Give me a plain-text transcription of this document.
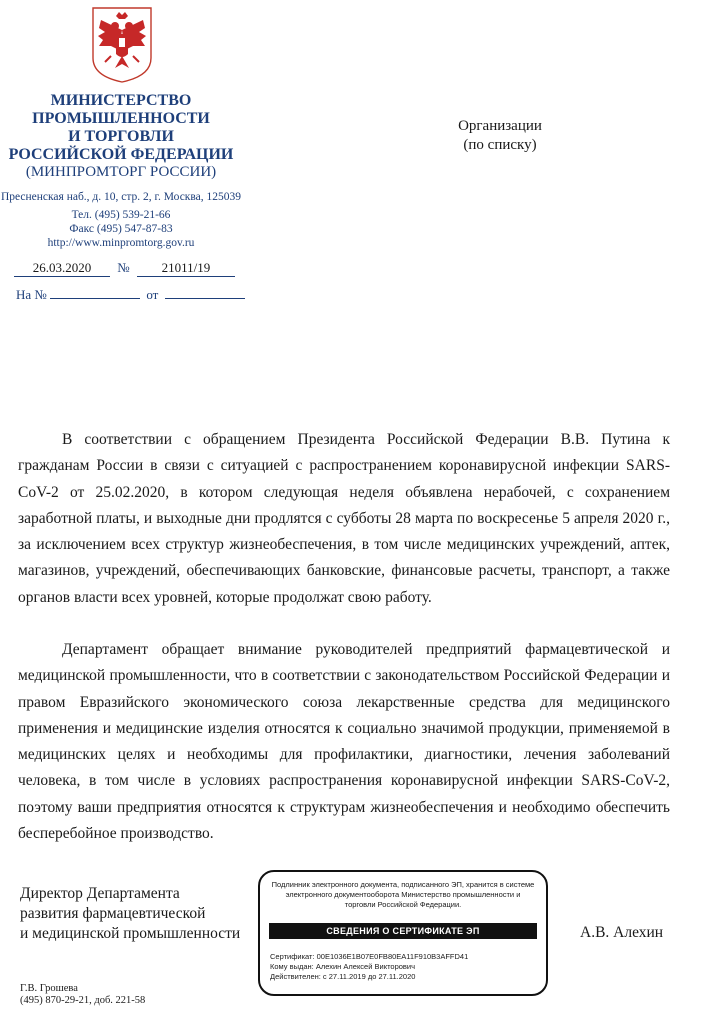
МИНИСТЕРСТВО
ПРОМЫШЛЕННОСТИ
И ТОРГОВЛИ
РОССИЙСКОЙ ФЕДЕРАЦИИ
(МИНПРОМТОРГ РОССИИ)
Пресненская наб., д. 10, стр. 2, г. Москва, 125039
Тел. (495) 539-21-66
Факс (495) 547-87-83
http://www.minpromtorg.gov.ru
26.03.2020 № 21011/19
На №	от
Организации
(по списку)
В соответствии с обращением Президента Российской Федерации В.В. Путина к гражданам России в связи с ситуацией с распространением коронавирусной инфекции SARS-CoV-2 от 25.02.2020, в котором следующая неделя объявлена нерабочей, с сохранением заработной платы, и выходные дни продлятся с субботы 28 марта по воскресенье 5 апреля 2020 г., за исключением всех структур жизнеобеспечения, в том числе медицинских учреждений, аптек, магазинов, учреждений, обеспечивающих банковские, финансовые расчеты, транспорт, а также органов власти всех уровней, которые продолжат свою работу.
Департамент обращает внимание руководителей предприятий фармацевтической и медицинской промышленности, что в соответствии с законодательством Российской Федерации и правом Евразийского экономического союза лекарственные средства для медицинского применения и медицинские изделия относятся к социально значимой продукции, применяемой в медицинских целях и необходимы для профилактики, диагностики, лечения заболеваний человека, в том числе в условиях распространения коронавирусной инфекции SARS-CoV-2, поэтому ваши предприятия относятся к структурам жизнеобеспечения и необходимо обеспечить бесперебойное производство.
Директор Департамента
развития фармацевтической
и медицинской промышленности	А.В. Алехин
Подлинник электронного документа, подписанного ЭП, хранится в системе электронного документооборота Министерство промышленности и торговли Российской Федерации.
СВЕДЕНИЯ О СЕРТИФИКАТЕ ЭП
Сертификат: 00E1036E1B07E0FB80EA11F910B3AFFD41
Кому выдан: Алехин Алексей Викторович
Действителен: с 27.11.2019 до 27.11.2020
Г.В. Грошева
(495) 870-29-21, доб. 221-58
